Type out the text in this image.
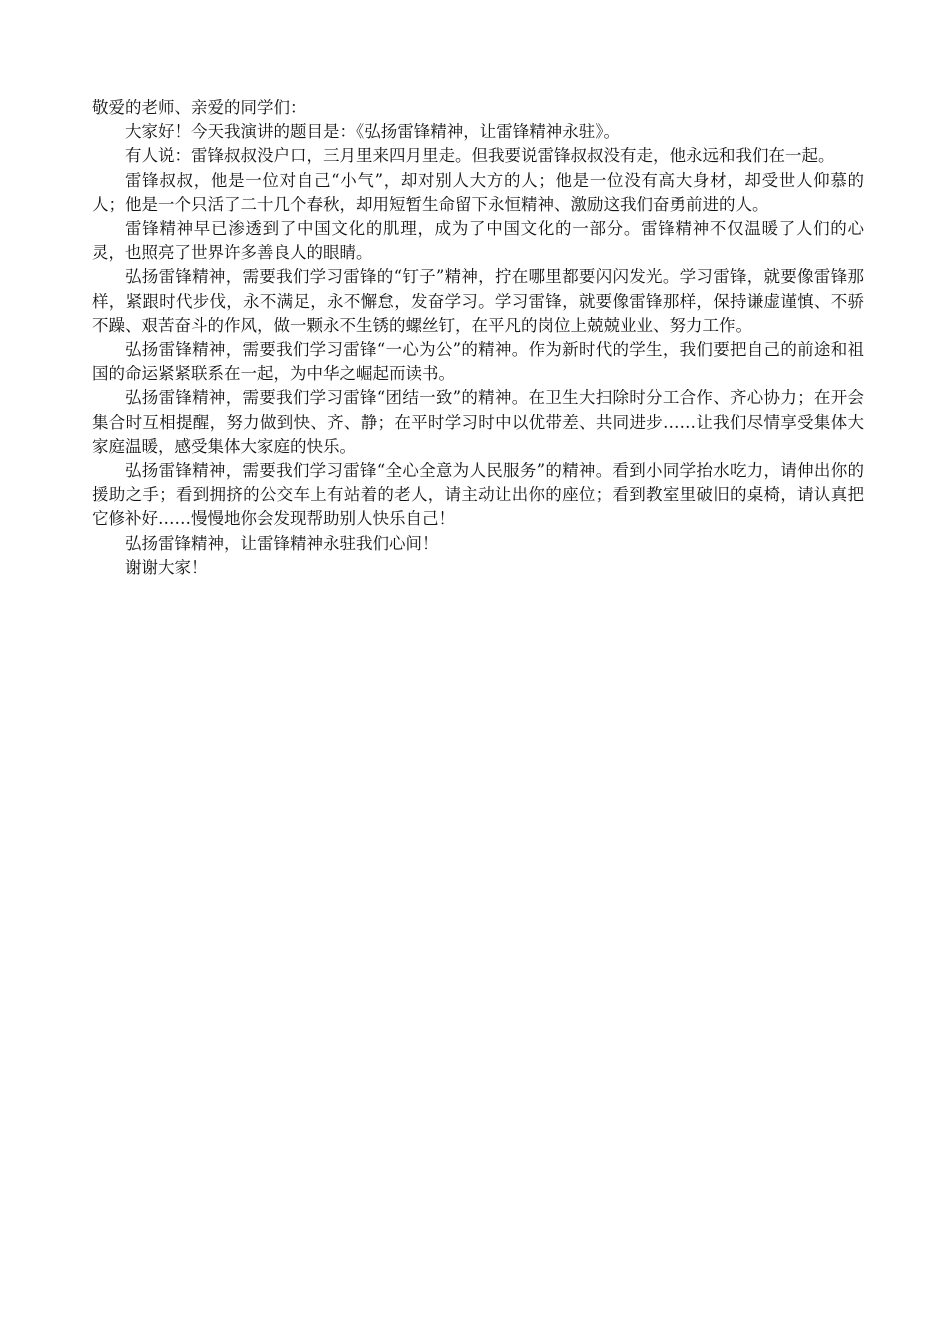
敬爱的老师、亲爱的同学们：

大家好！今天我演讲的题目是：《弘扬雷锋精神，让雷锋精神永驻》。

有人说：雷锋叔叔没户口，三月里来四月里走。但我要说雷锋叔叔没有走，他永远和我们在一起。

雷锋叔叔，他是一位对自己“小气”，却对别人大方的人；他是一位没有高大身材，却受世人仰慕的人；他是一个只活了二十几个春秋，却用短暂生命留下永恒精神、激励这我们奋勇前进的人。

雷锋精神早已渗透到了中国文化的肌理，成为了中国文化的一部分。雷锋精神不仅温暖了人们的心灵，也照亮了世界许多善良人的眼睛。

弘扬雷锋精神，需要我们学习雷锋的“钉子”精神，拧在哪里都要闪闪发光。学习雷锋，就要像雷锋那样，紧跟时代步伐，永不满足，永不懈怠，发奋学习。学习雷锋，就要像雷锋那样，保持谦虚谨慎、不骄不躁、艰苦奋斗的作风，做一颗永不生锈的螺丝钉，在平凡的岗位上兢兢业业、努力工作。

弘扬雷锋精神，需要我们学习雷锋“一心为公”的精神。作为新时代的学生，我们要把自己的前途和祖国的命运紧紧联系在一起，为中华之崛起而读书。

弘扬雷锋精神，需要我们学习雷锋“团结一致”的精神。在卫生大扫除时分工合作、齐心协力；在开会集合时互相提醒，努力做到快、齐、静；在平时学习时中以优带差、共同进步……让我们尽情享受集体大家庭温暖，感受集体大家庭的快乐。

弘扬雷锋精神，需要我们学习雷锋“全心全意为人民服务”的精神。看到小同学抬水吃力，请伸出你的援助之手；看到拥挤的公交车上有站着的老人，请主动让出你的座位；看到教室里破旧的桌椅，请认真把它修补好……慢慢地你会发现帮助别人快乐自己！

弘扬雷锋精神，让雷锋精神永驻我们心间！

谢谢大家！
